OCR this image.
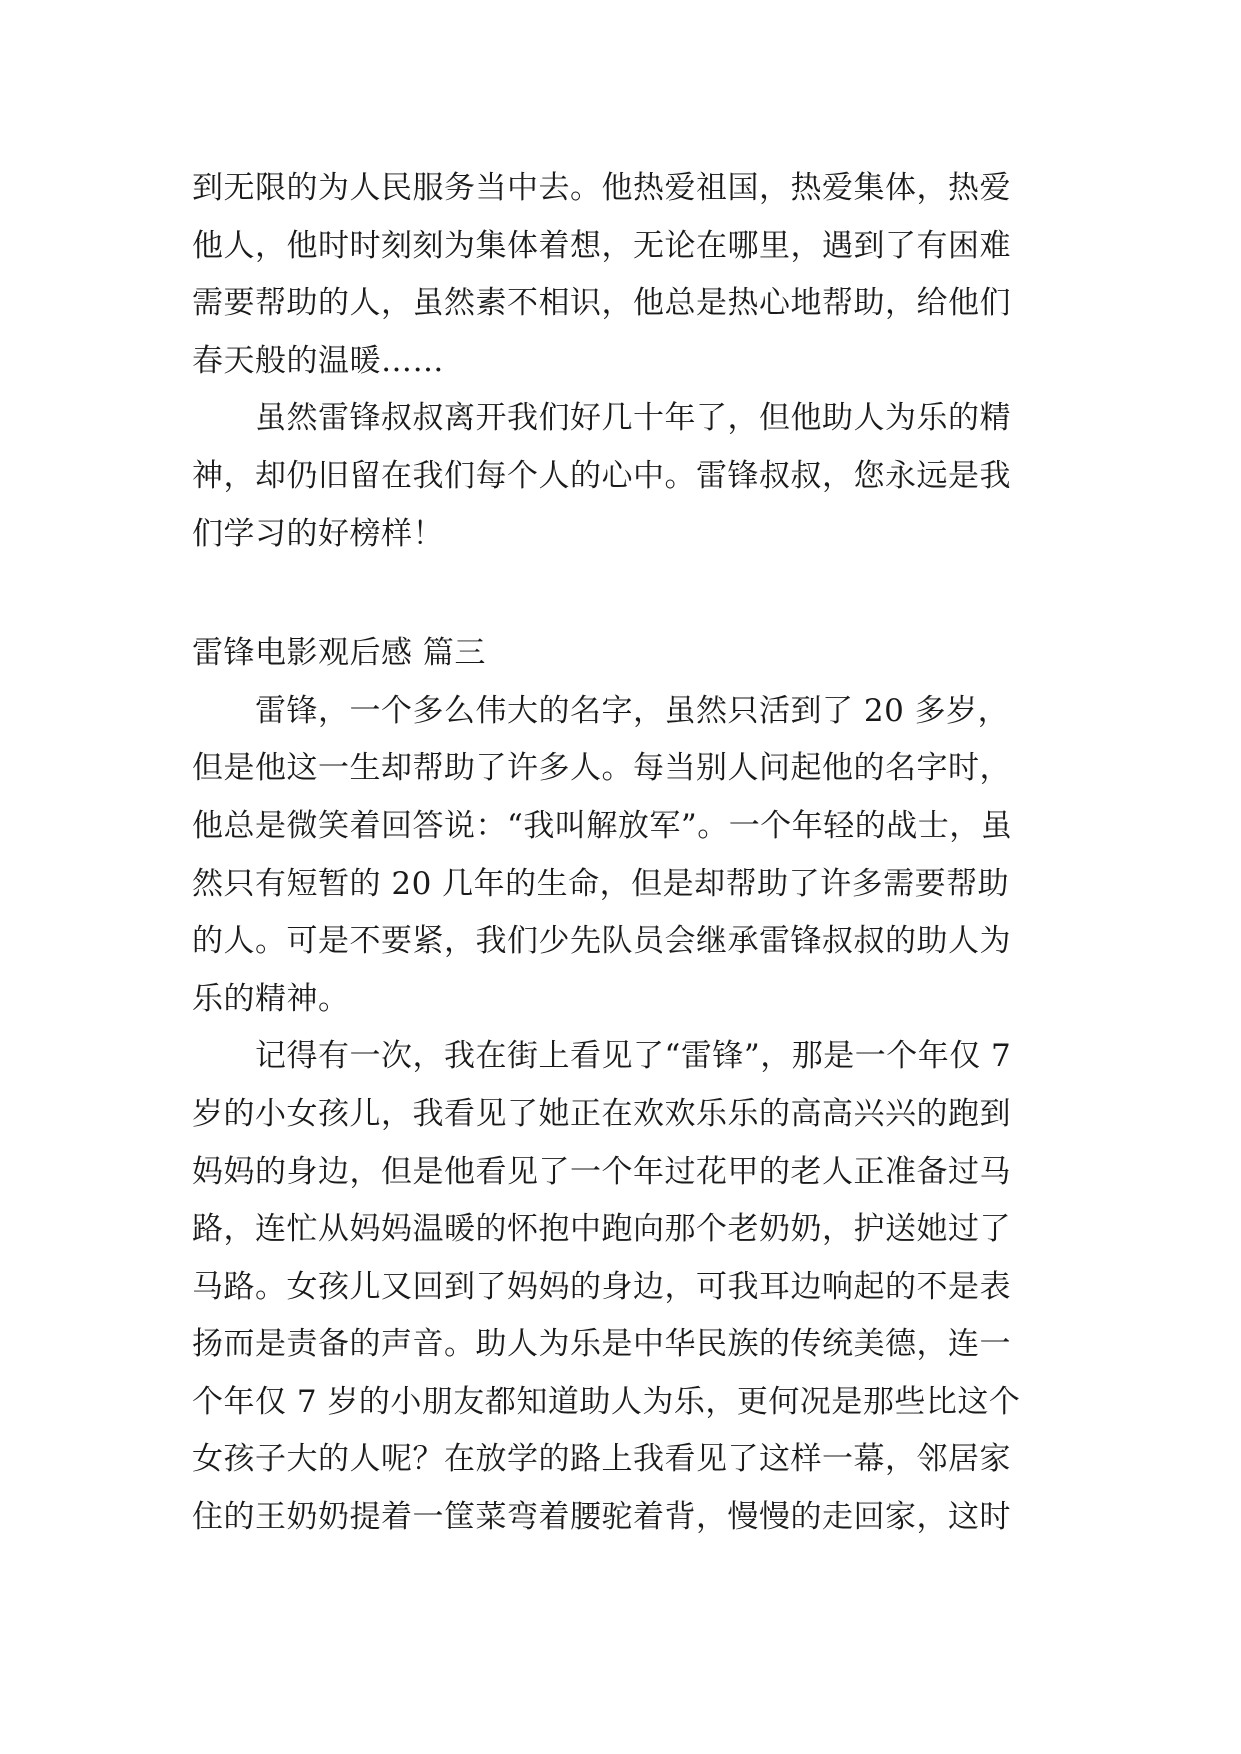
到无限的为人民服务当中去。他热爱祖国，热爱集体，热爱
他人，他时时刻刻为集体着想，无论在哪里，遇到了有困难
需要帮助的人，虽然素不相识，他总是热心地帮助，给他们
春天般的温暖……
　　虽然雷锋叔叔离开我们好几十年了，但他助人为乐的精
神，却仍旧留在我们每个人的心中。雷锋叔叔，您永远是我
们学习的好榜样！
雷锋电影观后感 篇三
　　雷锋，一个多么伟大的名字，虽然只活到了 20 多岁，
但是他这一生却帮助了许多人。每当别人问起他的名字时，
他总是微笑着回答说：“我叫解放军”。一个年轻的战士，虽
然只有短暂的 20 几年的生命，但是却帮助了许多需要帮助
的人。可是不要紧，我们少先队员会继承雷锋叔叔的助人为
乐的精神。
　　记得有一次，我在街上看见了“雷锋”，那是一个年仅 7
岁的小女孩儿，我看见了她正在欢欢乐乐的高高兴兴的跑到
妈妈的身边，但是他看见了一个年过花甲的老人正准备过马
路，连忙从妈妈温暖的怀抱中跑向那个老奶奶，护送她过了
马路。女孩儿又回到了妈妈的身边，可我耳边响起的不是表
扬而是责备的声音。助人为乐是中华民族的传统美德，连一
个年仅 7 岁的小朋友都知道助人为乐，更何况是那些比这个
女孩子大的人呢？在放学的路上我看见了这样一幕，邻居家
住的王奶奶提着一筐菜弯着腰驼着背，慢慢的走回家，这时
